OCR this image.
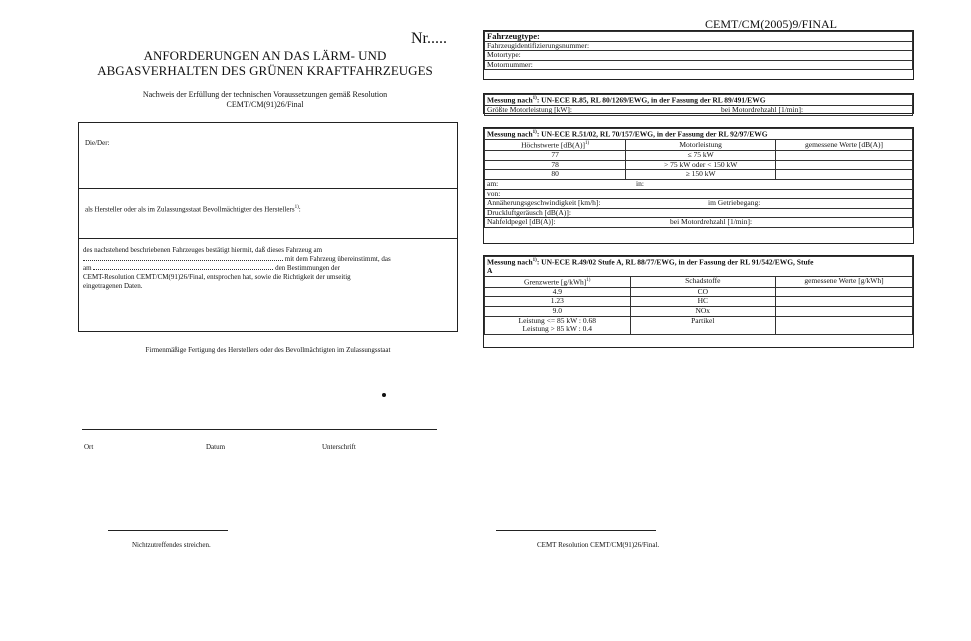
Nr.....
ANFORDERUNGEN AN DAS LÄRM- UND
ABGASVERHALTEN DES GRÜNEN KRAFTFAHRZEUGES
Nachweis der Erfüllung der technischen Voraussetzungen gemäß Resolution
CEMT/CM(91)26/Final
Die/Der:
als Hersteller oder als im Zulassungsstaat Bevollmächtigter des Herstellers$^{1)}$:
des nachstehend beschriebenen Fahrzeuges bestätigt hiermit, daß dieses Fahrzeug am
mit dem Fahrzeug übereinstimmt, das
am	den Bestimmungen der
CEMT-Resolution CEMT/CM(91)26/Final, entsprochen hat, sowie die Richtigkeit der umseitig
eingetragenen Daten.
Firmenmäßige Fertigung des Herstellers oder des Bevollmächtigten im Zulassungsstaat
Ort	Datum	Unterschrift
Nichtzutreffendes streichen.
CEMT/CM(2005)9/FINAL
Fahrzeugtype:
Fahrzeugidentifizierungsnummer:
Motortype:
Motornummer:
Messung nach$^{1)}$: UN-ECE R.85, RL 80/1269/EWG, in der Fassung der RL 89/491/EWG
Größte Motorleistung [kW]:	bei Motordrehzahl [1/min]:
Messung nach$^{1)}$: UN-ECE R.51/02, RL 70/157/EWG, in der Fassung der RL 92/97/EWG		
Höchstwerte $[dB(A)]^{1)}$	Motorleistung	gemessene Werte [dB(A)]
77	≤ 75 kW	
78	> 75 kW oder < 150 kW	
80	≥ 150 kW	
am: in:		

von:		
Annäherungsgeschwindigkeit [km/h]: im Getriebegang:		

Druckluftgeräusch [dB(A)]:		
Nahfeldpegel [dB(A)]: bei Motordrehzahl [1/min]:		
Messung nach$^{1)}$: UN-ECE R.49/02 Stufe A, RL 88/77/EWG, in der Fassung der RL 91/542/EWG, Stufe
A		
Grenzwerte $[g/kWh]^{1)}$	Schadstoffe	gemessene Werte [g/kWh]
4.9	CO	
1.23	HC	
9.0	NOx	

Leistung <= 85 kW : 0.68
Leistung > 85 kW : 0.4	Partikel	
CEMT Resolution CEMT/CM(91)26/Final.
